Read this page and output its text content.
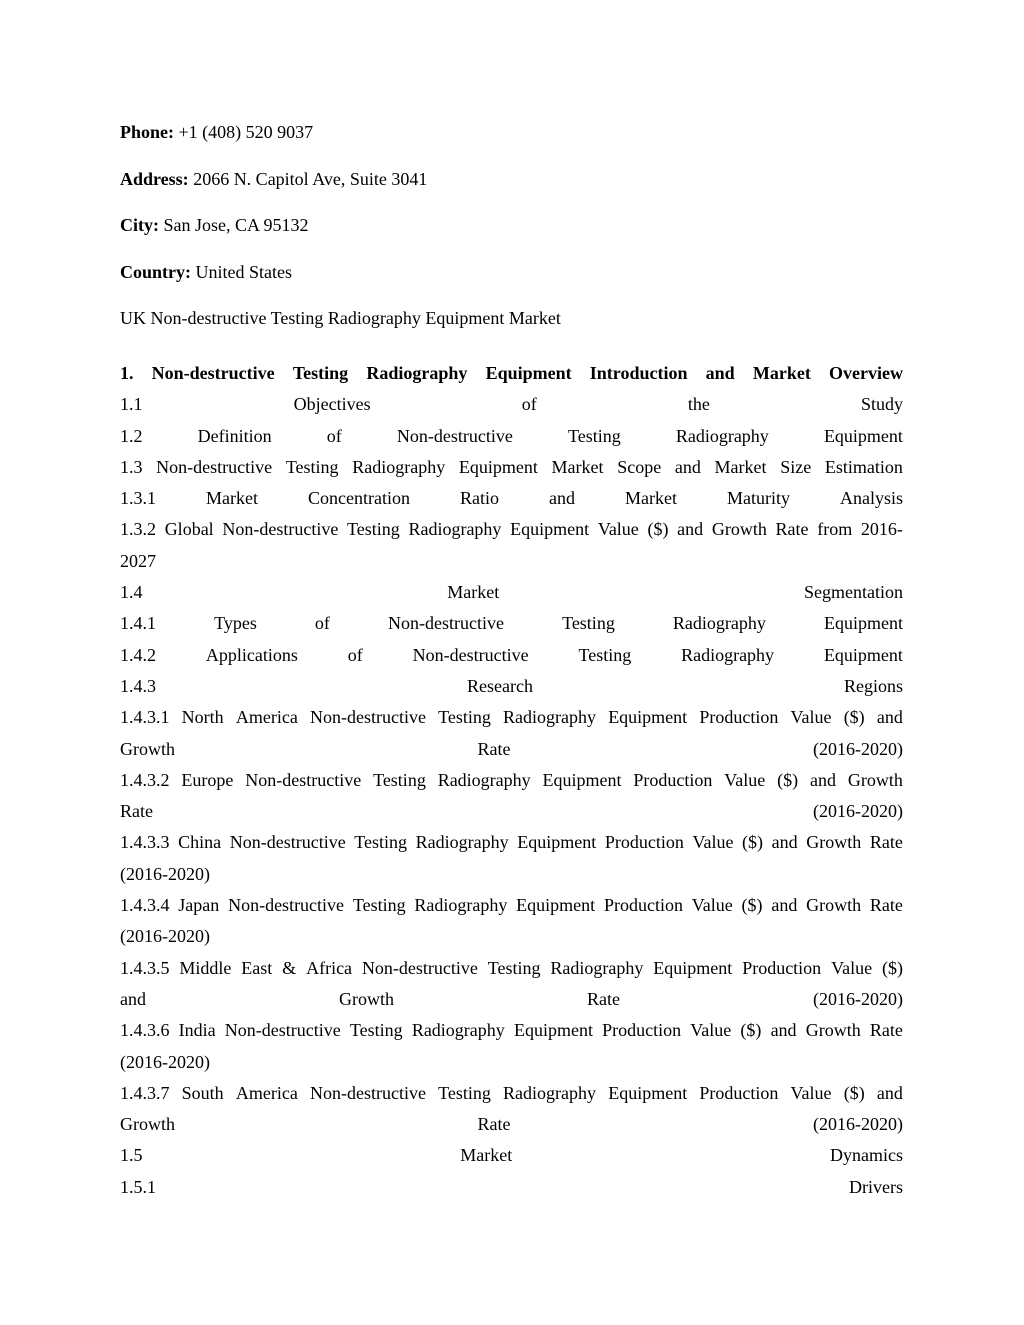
Phone: +1 (408) 520 9037
Address: 2066 N. Capitol Ave, Suite 3041
City: San Jose, CA 95132
Country: United States
UK Non-destructive Testing Radiography Equipment Market
1. Non-destructive Testing Radiography Equipment Introduction and Market Overview
1.1	Objectives	of	the	Study
1.2	Definition	of	Non-destructive	Testing	Radiography	Equipment
1.3 Non-destructive Testing Radiography Equipment Market Scope and Market Size Estimation
1.3.1	Market	Concentration	Ratio	and	Market	Maturity	Analysis
1.3.2 Global Non-destructive Testing Radiography Equipment Value ($) and Growth Rate from 2016-
2027
1.4	Market	Segmentation
1.4.1	Types	of	Non-destructive	Testing	Radiography	Equipment
1.4.2	Applications	of	Non-destructive	Testing	Radiography	Equipment
1.4.3	Research	Regions
1.4.3.1 North America Non-destructive Testing Radiography Equipment Production Value ($) and
Growth	Rate	(2016-2020)
1.4.3.2 Europe Non-destructive Testing Radiography Equipment Production Value ($) and Growth
Rate	(2016-2020)
1.4.3.3 China Non-destructive Testing Radiography Equipment Production Value ($) and Growth Rate
(2016-2020)
1.4.3.4 Japan Non-destructive Testing Radiography Equipment Production Value ($) and Growth Rate
(2016-2020)
1.4.3.5 Middle East & Africa Non-destructive Testing Radiography Equipment Production Value ($)
and	Growth	Rate	(2016-2020)
1.4.3.6 India Non-destructive Testing Radiography Equipment Production Value ($) and Growth Rate
(2016-2020)
1.4.3.7 South America Non-destructive Testing Radiography Equipment Production Value ($) and
Growth	Rate	(2016-2020)
1.5	Market	Dynamics
1.5.1	Drivers
